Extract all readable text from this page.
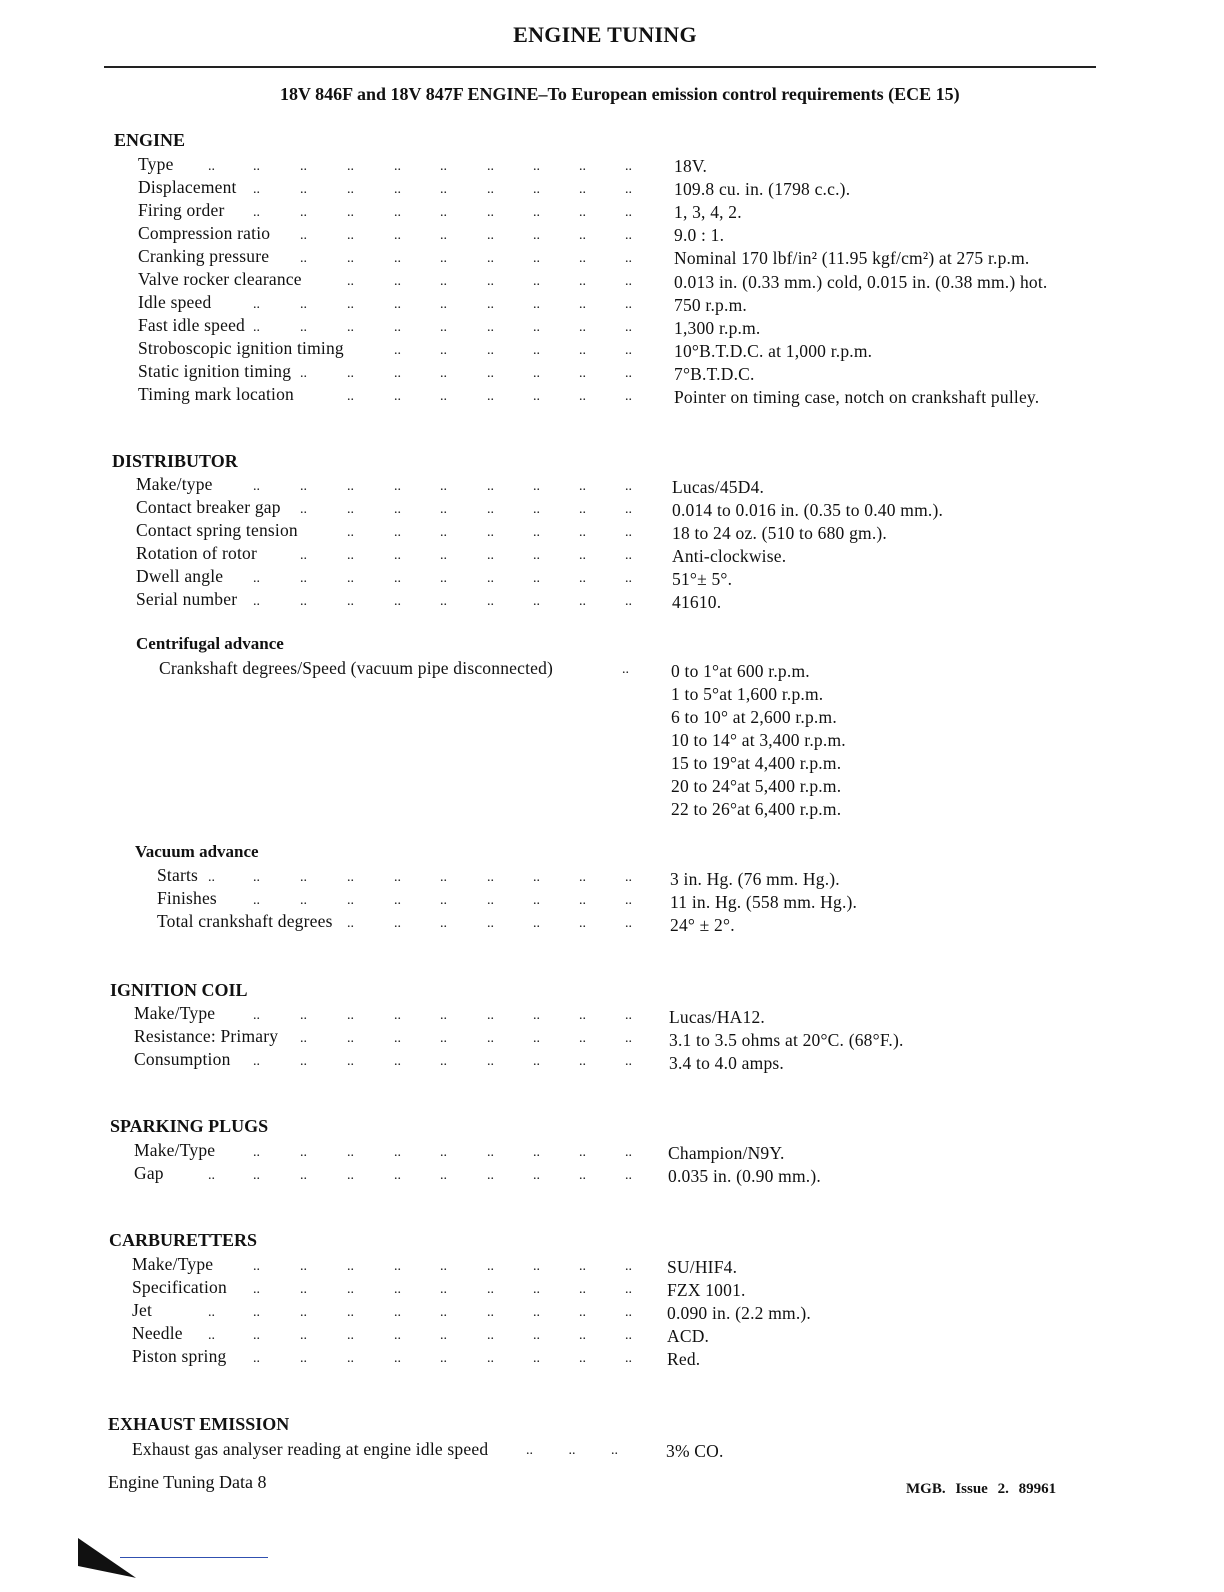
ENGINE TUNING
18V 846F and 18V 847F ENGINE–To European emission control requirements (ECE 15)
ENGINE
Type	18V.
Displacement	109.8 cu. in. (1798 c.c.).
Firing order	1, 3, 4, 2.
Compression ratio	9.0 : 1.
Cranking pressure	Nominal 170 lbf/in² (11.95 kgf/cm²) at 275 r.p.m.
Valve rocker clearance	0.013 in. (0.33 mm.) cold, 0.015 in. (0.38 mm.) hot.
Idle speed	750 r.p.m.
Fast idle speed	1,300 r.p.m.
Stroboscopic ignition timing	10°B.T.D.C. at 1,000 r.p.m.
Static ignition timing	7°B.T.D.C.
Timing mark location	Pointer on timing case, notch on crankshaft pulley.
DISTRIBUTOR
Make/type	Lucas/45D4.
Contact breaker gap	0.014 to 0.016 in. (0.35 to 0.40 mm.).
Contact spring tension	18 to 24 oz. (510 to 680 gm.).
Rotation of rotor	Anti-clockwise.
Dwell angle	51°± 5°.
Serial number	41610.
Centrifugal advance
Crankshaft degrees/Speed (vacuum pipe disconnected)	.. 0 to 1°at 600 r.p.m.
1 to 5°at 1,600 r.p.m.
6 to 10° at 2,600 r.p.m.
10 to 14° at 3,400 r.p.m.
15 to 19°at 4,400 r.p.m.
20 to 24°at 5,400 r.p.m.
22 to 26°at 6,400 r.p.m.
Vacuum advance
Starts	3 in. Hg. (76 mm. Hg.).
Finishes	11 in. Hg. (558 mm. Hg.).
Total crankshaft degrees	24° ± 2°.
IGNITION COIL
Make/Type	Lucas/HA12.
Resistance: Primary	3.1 to 3.5 ohms at 20°C. (68°F.).
Consumption	3.4 to 4.0 amps.
SPARKING PLUGS
Make/Type	Champion/N9Y.
Gap	0.035 in. (0.90 mm.).
CARBURETTERS
Make/Type	SU/HIF4.
Specification	FZX 1001.
Jet	0.090 in. (2.2 mm.).
Needle	ACD.
Piston spring	Red.
EXHAUST EMISSION
Exhaust gas analyser reading at engine idle speed	.. .. ..	3% CO.
..	..	..	..	..	..	..	..	..	..
..	..	..	..	..	..	..	..	..
..	..	..	..	..	..	..	..	..
..	..	..	..	..	..	..	..
..	..	..	..	..	..	..	..
..	..	..	..	..	..	..
..	..	..	..	..	..	..	..	..
..	..	..	..	..	..	..	..	..
..	..	..	..	..	..
..	..	..	..	..	..	..	..
..	..	..	..	..	..	..
..	..	..	..	..	..	..	..	..
..	..	..	..	..	..	..	..
..	..	..	..	..	..	..
..	..	..	..	..	..	..	..
..	..	..	..	..	..	..	..	..
..	..	..	..	..	..	..	..	..
..	..	..	..	..	..	..	..	..	..
..	..	..	..	..	..	..	..	..
..	..	..	..	..	..	..
..	..	..	..	..	..	..	..	..
..	..	..	..	..	..	..	..
..	..	..	..	..	..	..	..	..
..	..	..	..	..	..	..	..	..
..	..	..	..	..	..	..	..	..	..
..	..	..	..	..	..	..	..	..
..	..	..	..	..	..	..	..	..
..	..	..	..	..	..	..	..	..	..
..	..	..	..	..	..	..	..	..	..
..	..	..	..	..	..	..	..	..
Engine Tuning Data 8	MGB. Issue 2. 89961
